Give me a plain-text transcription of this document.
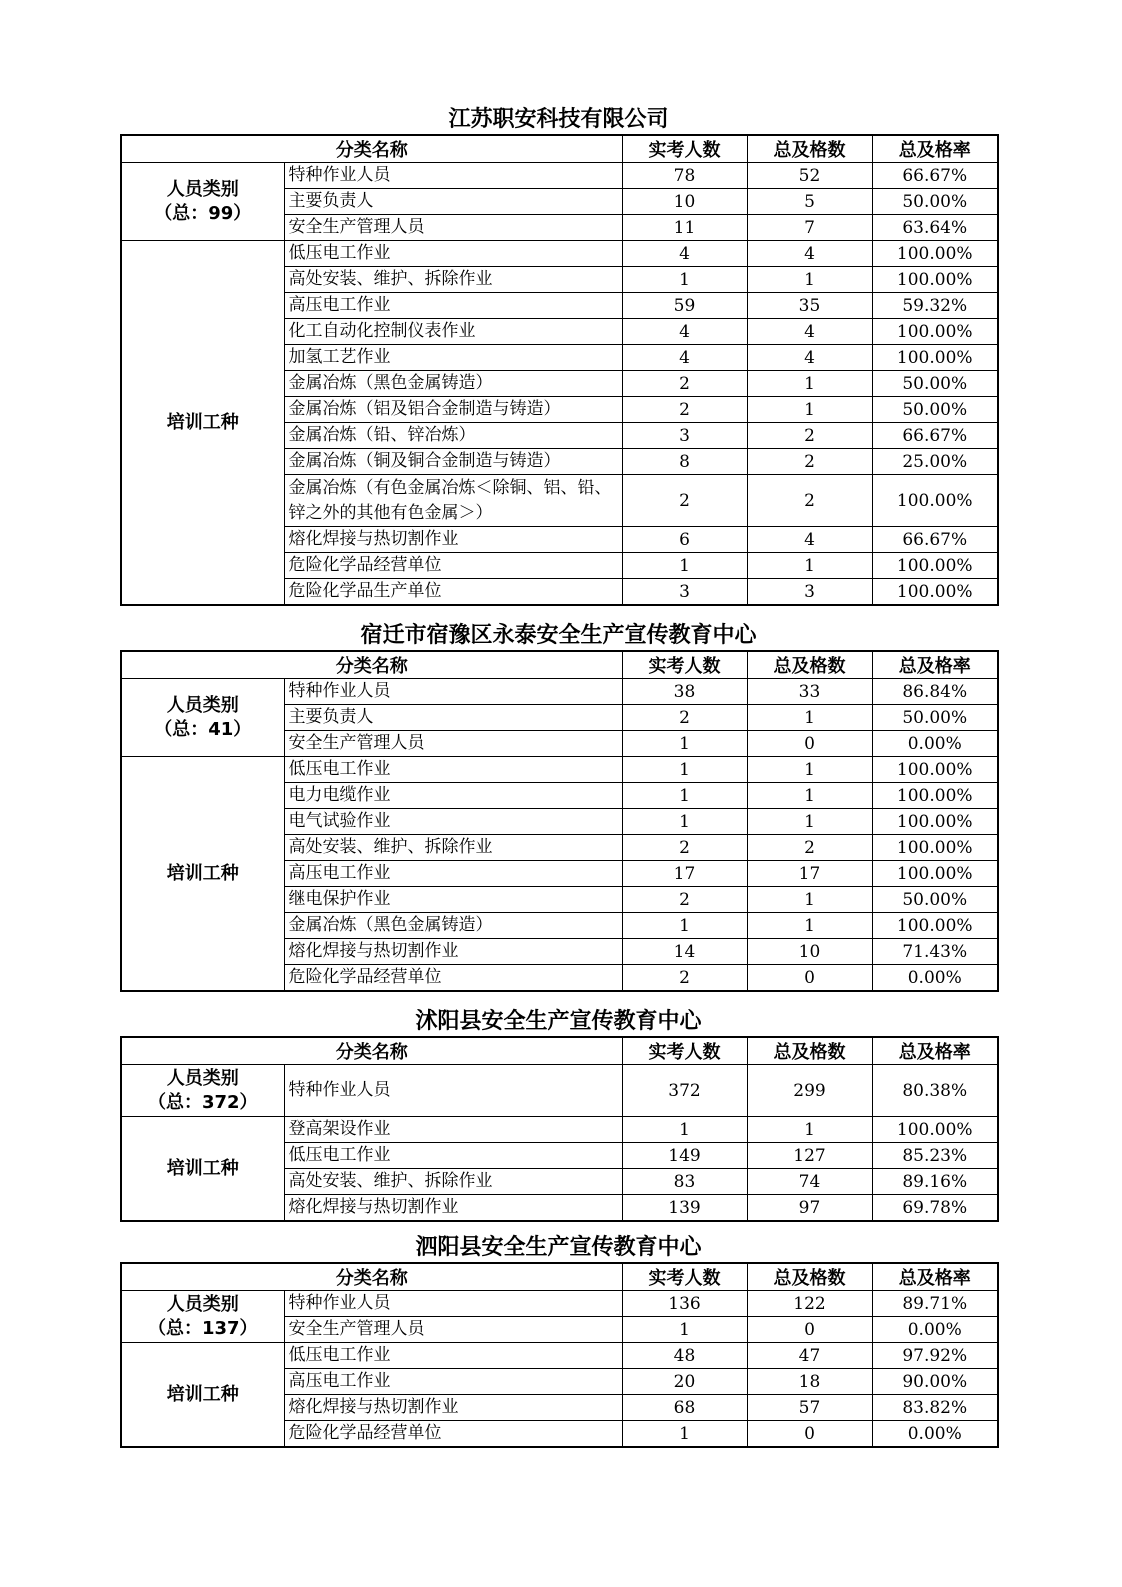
江苏职安科技有限公司
分类名称		实考人数	总及格数	总及格率

人员类别
（总：99）	特种作业人员	78	52	66.67%
	主要负责人	10	5	50.00%
	安全生产管理人员	11	7	63.64%

培训工种	低压电工作业	4	4	100.00%
	高处安装、维护、拆除作业	1	1	100.00%
	高压电工作业	59	35	59.32%
	化工自动化控制仪表作业	4	4	100.00%
	加氢工艺作业	4	4	100.00%
	金属冶炼（黑色金属铸造）	2	1	50.00%
	金属冶炼（铝及铝合金制造与铸造）	2	1	50.00%
	金属冶炼（铅、锌冶炼）	3	2	66.67%
	金属冶炼（铜及铜合金制造与铸造）	8	2	25.00%
	金属冶炼（有色金属冶炼＜除铜、铝、铅、锌之外的其他有色金属＞）	2	2	100.00%
	熔化焊接与热切割作业	6	4	66.67%
	危险化学品经营单位	1	1	100.00%
	危险化学品生产单位	3	3	100.00%
宿迁市宿豫区永泰安全生产宣传教育中心
分类名称		实考人数	总及格数	总及格率

人员类别
（总：41）	特种作业人员	38	33	86.84%
	主要负责人	2	1	50.00%
	安全生产管理人员	1	0	0.00%

培训工种	低压电工作业	1	1	100.00%
	电力电缆作业	1	1	100.00%
	电气试验作业	1	1	100.00%
	高处安装、维护、拆除作业	2	2	100.00%
	高压电工作业	17	17	100.00%
	继电保护作业	2	1	50.00%
	金属冶炼（黑色金属铸造）	1	1	100.00%
	熔化焊接与热切割作业	14	10	71.43%
	危险化学品经营单位	2	0	0.00%
沭阳县安全生产宣传教育中心
分类名称		实考人数	总及格数	总及格率

人员类别
（总：372）	特种作业人员	372	299	80.38%

培训工种	登高架设作业	1	1	100.00%
	低压电工作业	149	127	85.23%
	高处安装、维护、拆除作业	83	74	89.16%
	熔化焊接与热切割作业	139	97	69.78%
泗阳县安全生产宣传教育中心
分类名称		实考人数	总及格数	总及格率

人员类别
（总：137）	特种作业人员	136	122	89.71%
	安全生产管理人员	1	0	0.00%

培训工种	低压电工作业	48	47	97.92%
	高压电工作业	20	18	90.00%
	熔化焊接与热切割作业	68	57	83.82%
	危险化学品经营单位	1	0	0.00%
